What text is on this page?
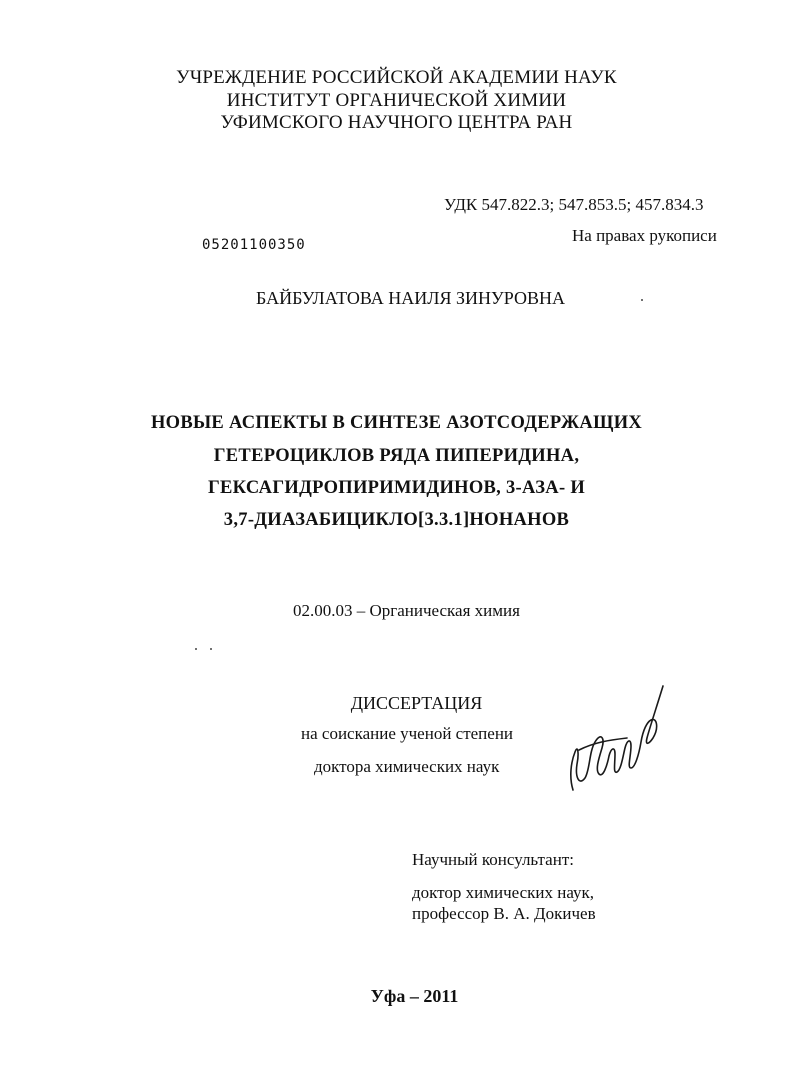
УЧРЕЖДЕНИЕ РОССИЙСКОЙ АКАДЕМИИ НАУК
ИНСТИТУТ ОРГАНИЧЕСКОЙ ХИМИИ
УФИМСКОГО НАУЧНОГО ЦЕНТРА РАН
УДК 547.822.3; 547.853.5; 457.834.3
05201100350	На правах рукописи
БАЙБУЛАТОВА НАИЛЯ ЗИНУРОВНА
НОВЫЕ АСПЕКТЫ В СИНТЕЗЕ АЗОТСОДЕРЖАЩИХ
ГЕТЕРОЦИКЛОВ РЯДА ПИПЕРИДИНА,
ГЕКСАГИДРОПИРИМИДИНОВ, 3-АЗА- И
3,7-ДИАЗАБИЦИКЛО[3.3.1]НОНАНОВ
02.00.03 – Органическая химия
ДИССЕРТАЦИЯ
на соискание ученой степени
доктора химических наук
Научный консультант:
доктор химических наук,
профессор В. А. Докичев
Уфа – 2011
